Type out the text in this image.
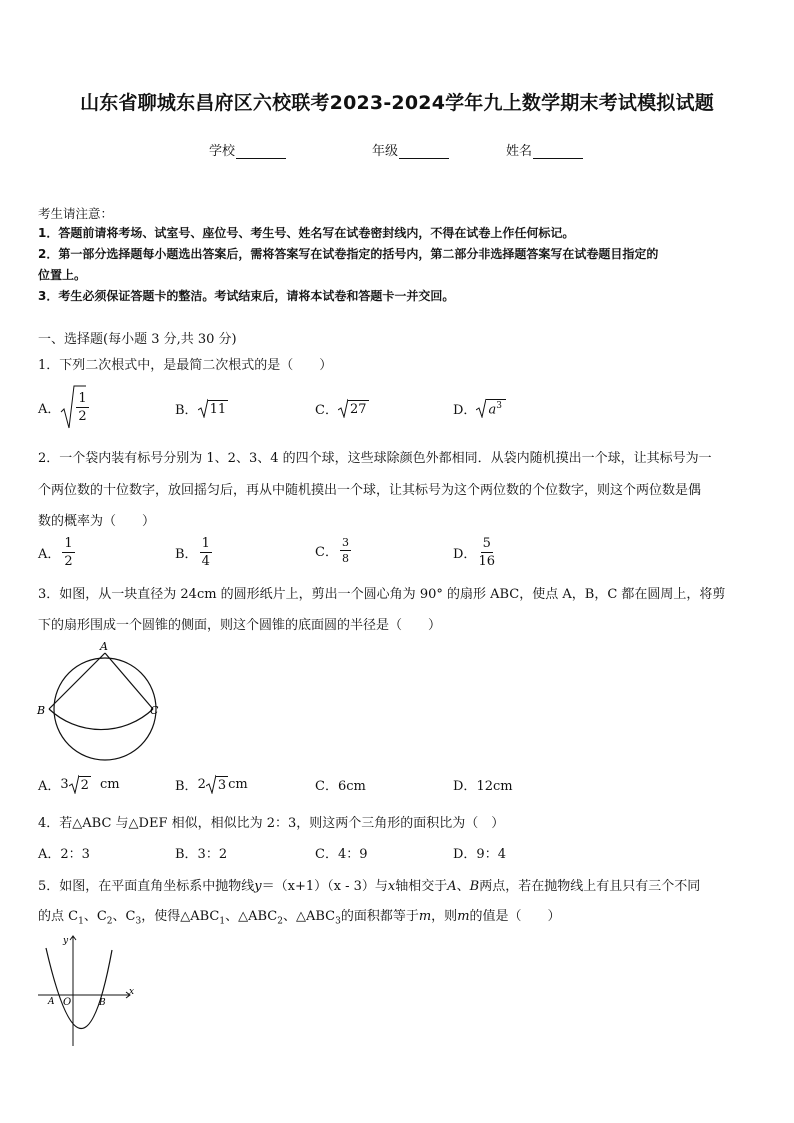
山东省聊城东昌府区六校联考2023-2024学年九上数学期末考试模拟试题
学校	年级	姓名
考生请注意：
1．答题前请将考场、试室号、座位号、考生号、姓名写在试卷密封线内，不得在试卷上作任何标记。
2．第一部分选择题每小题选出答案后，需将答案写在试卷指定的括号内，第二部分非选择题答案写在试卷题目指定的
位置上。
3．考生必须保证答题卡的整洁。考试结束后，请将本试卷和答题卡一并交回。
一、选择题(每小题 3 分,共 30 分)
1．下列二次根式中，是最简二次根式的是（　　）
A． $\frac{1}{2}$	B． 11	C． 27	D． $a^3$
2．一个袋内装有标号分别为 1、2、3、4 的四个球，这些球除颜色外都相同．从袋内随机摸出一个球，让其标号为一
个两位数的十位数字，放回摇匀后，再从中随机摸出一个球，让其标号为这个两位数的个位数字，则这个两位数是偶
数的概率为（　　）
A． $\frac{1}{2}$	B． $\frac{1}{4}$	C． $\frac{3}{8}$	D． $\frac{5}{16}$
3．如图，从一块直径为 24cm 的圆形纸片上，剪出一个圆心角为 90° 的扇形 ABC，使点 A，B，C 都在圆周上，将剪
下的扇形围成一个圆锥的侧面，则这个圆锥的底面圆的半径是（　　）
A
B	C
A． 3 2 cm	B． 2 3 cm	C．6cm	D．12cm
4．若△ABC 与△DEF 相似，相似比为 2：3，则这两个三角形的面积比为（　）
A．2：3	B．3：2	C．4：9	D．9：4
5．如图，在平面直角坐标系中抛物线y＝（x+1）（x - 3）与x轴相交于A、B两点，若在抛物线上有且只有三个不同
的点 $C_1$、$C_2$、$C_3$，使得$\triangle ABC_1$、$\triangle ABC_2$、$\triangle ABC_3$的面积都等于m，则m的值是（　　）
y
x
A O	B
